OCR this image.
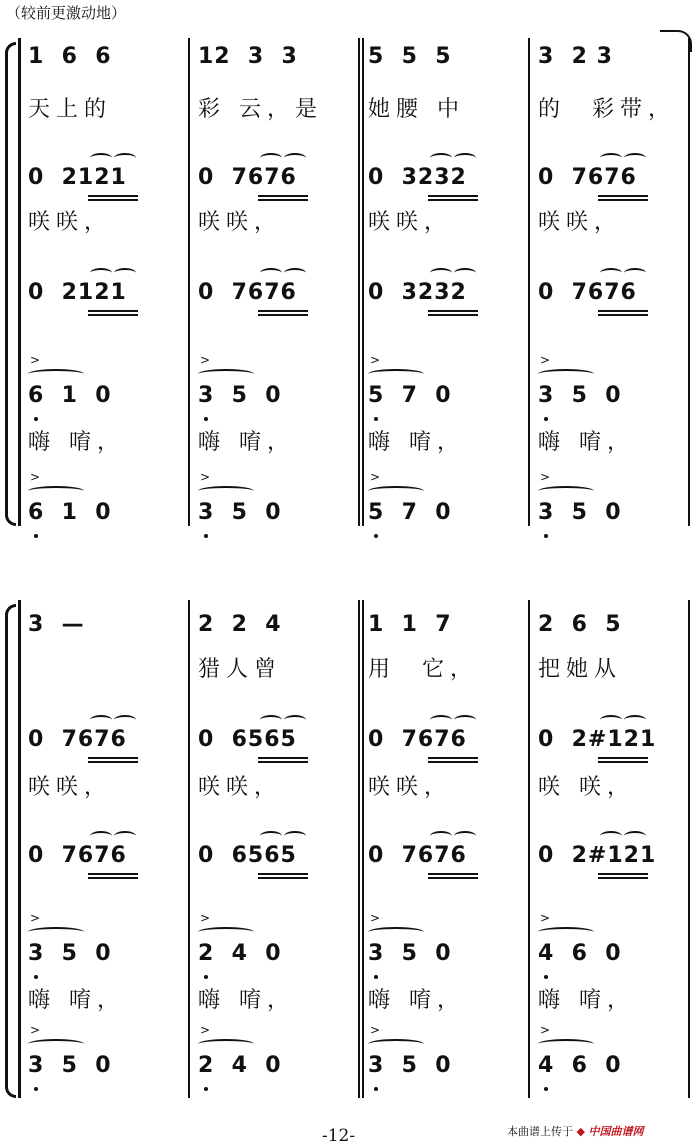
（较前更激动地）
1  6  6
天上的
0  2121
咲咲，
0  2121
6  1  0
嗨 唷，
6  1  0
>
>
12  3  3
彩 云，是
0  7676
咲咲，
0  7676
3  5  0
嗨 唷，
3  5  0
>
>
5  5  5
她腰 中
0  3232
咲咲，
0  3232
5  7  0
嗨 唷，
5  7  0
>
>
3  2 3
的  彩带，
0  7676
咲咲，
0  7676
3  5  0
嗨 唷，
3  5  0
>
>
3  —
0  7676
咲咲，
0  7676
3  5  0
嗨 唷，
3  5  0
>
>
2  2  4
猎人曾
0  6565
咲咲，
0  6565
2  4  0
嗨 唷，
2  4  0
>
>
1  1  7
用  它，
0  7676
咲咲，
0  7676
3  5  0
嗨 唷，
3  5  0
>
>
2  6  5
把她从
0  2#121
咲 咲，
0  2#121
4  6  0
嗨 唷，
4  6  0
>
>
-12-	本曲谱上传于 ◆ 中国曲谱网
